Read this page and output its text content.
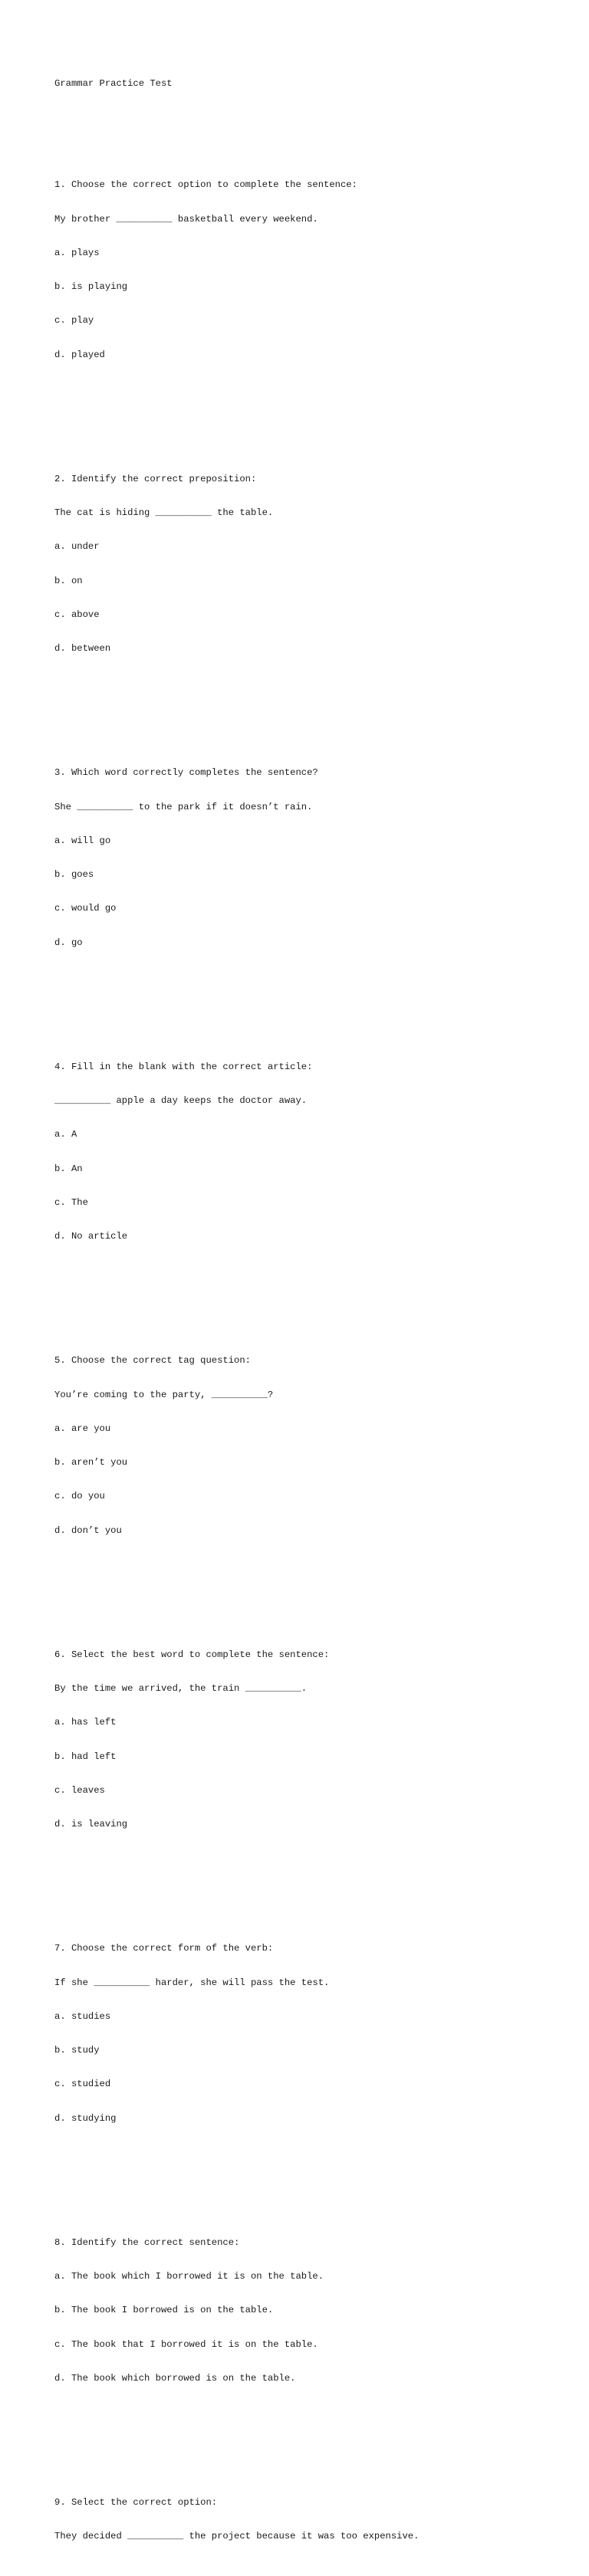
Grammar Practice Test

1. Choose the correct option to complete the sentence:

My brother __________ basketball every weekend.

a. plays

b. is playing

c. play

d. played

2. Identify the correct preposition:

The cat is hiding __________ the table.

a. under

b. on

c. above

d. between

3. Which word correctly completes the sentence?

She __________ to the park if it doesn’t rain.

a. will go

b. goes

c. would go

d. go

4. Fill in the blank with the correct article:

__________ apple a day keeps the doctor away.

a. A

b. An

c. The

d. No article

5. Choose the correct tag question:

You’re coming to the party, __________?

a. are you

b. aren’t you

c. do you

d. don’t you

6. Select the best word to complete the sentence:

By the time we arrived, the train __________.

a. has left

b. had left

c. leaves

d. is leaving

7. Choose the correct form of the verb:

If she __________ harder, she will pass the test.

a. studies

b. study

c. studied

d. studying

8. Identify the correct sentence:

a. The book which I borrowed it is on the table.

b. The book I borrowed is on the table.

c. The book that I borrowed it is on the table.

d. The book which borrowed is on the table.

9. Select the correct option:

They decided __________ the project because it was too expensive.
